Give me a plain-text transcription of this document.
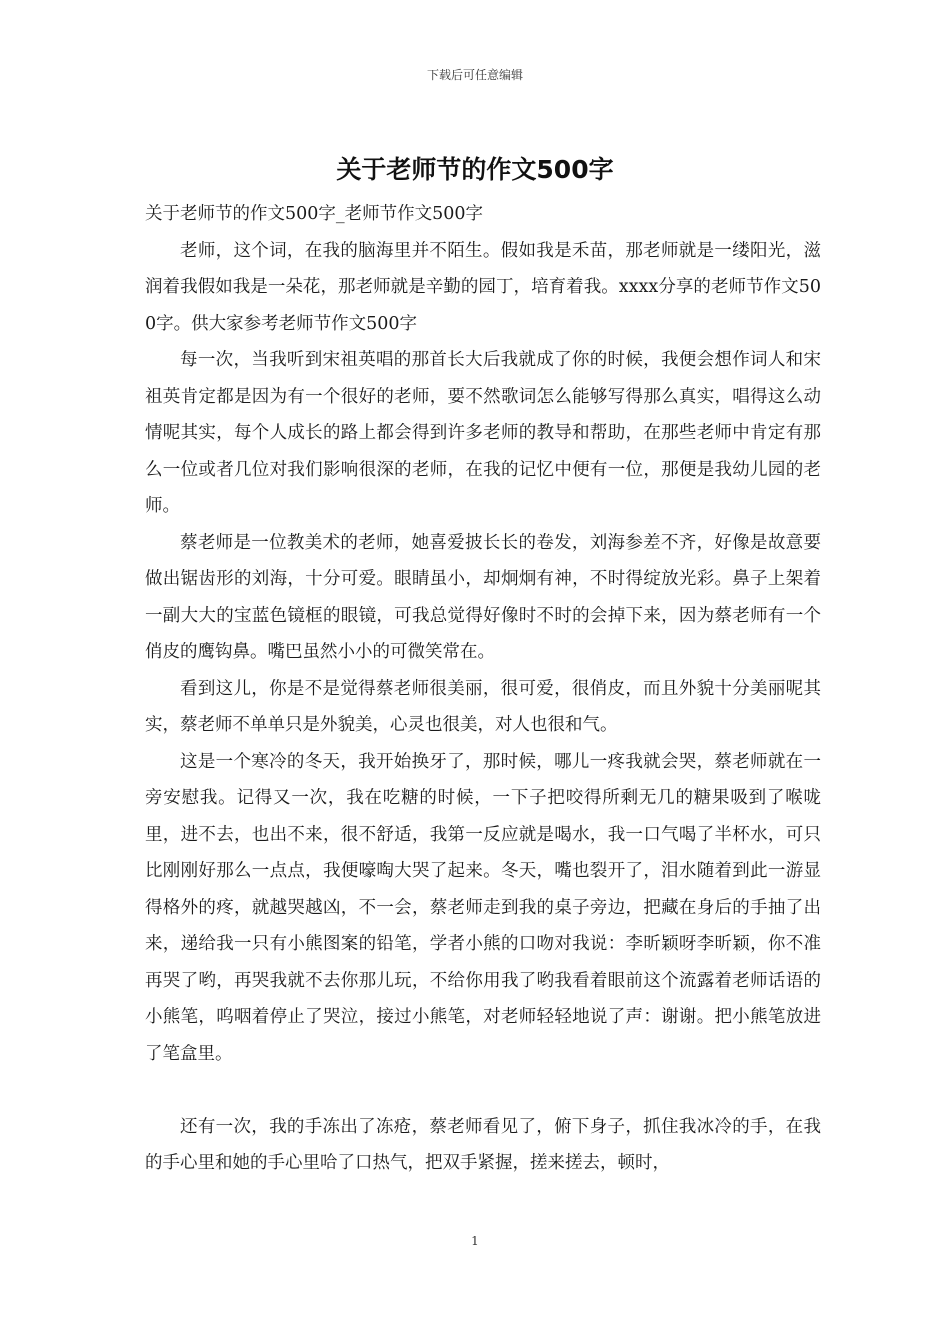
下载后可任意编辑
关于老师节的作文500字

关于老师节的作文500字_老师节作文500字

老师，这个词，在我的脑海里并不陌生。假如我是禾苗，那老师就是一缕阳光，滋润着我假如我是一朵花，那老师就是辛勤的园丁，培育着我。xxxx分享的老师节作文500字。供大家参考老师节作文500字

每一次，当我听到宋祖英唱的那首长大后我就成了你的时候，我便会想作词人和宋祖英肯定都是因为有一个很好的老师，要不然歌词怎么能够写得那么真实，唱得这么动情呢其实，每个人成长的路上都会得到许多老师的教导和帮助，在那些老师中肯定有那么一位或者几位对我们影响很深的老师，在我的记忆中便有一位，那便是我幼儿园的老师。

蔡老师是一位教美术的老师，她喜爱披长长的卷发，刘海参差不齐，好像是故意要做出锯齿形的刘海，十分可爱。眼睛虽小，却炯炯有神，不时得绽放光彩。鼻子上架着一副大大的宝蓝色镜框的眼镜，可我总觉得好像时不时的会掉下来，因为蔡老师有一个俏皮的鹰钩鼻。嘴巴虽然小小的可微笑常在。

看到这儿，你是不是觉得蔡老师很美丽，很可爱，很俏皮，而且外貌十分美丽呢其实，蔡老师不单单只是外貌美，心灵也很美，对人也很和气。

这是一个寒冷的冬天，我开始换牙了，那时候，哪儿一疼我就会哭，蔡老师就在一旁安慰我。记得又一次，我在吃糖的时候，一下子把咬得所剩无几的糖果吸到了喉咙里，进不去，也出不来，很不舒适，我第一反应就是喝水，我一口气喝了半杯水，可只比刚刚好那么一点点，我便嚎啕大哭了起来。冬天，嘴也裂开了，泪水随着到此一游显得格外的疼，就越哭越凶，不一会，蔡老师走到我的桌子旁边，把藏在身后的手抽了出来，递给我一只有小熊图案的铅笔，学者小熊的口吻对我说：李昕颖呀李昕颖，你不准再哭了哟，再哭我就不去你那儿玩，不给你用我了哟我看着眼前这个流露着老师话语的小熊笔，呜咽着停止了哭泣，接过小熊笔，对老师轻轻地说了声：谢谢。把小熊笔放进了笔盒里。

还有一次，我的手冻出了冻疮，蔡老师看见了，俯下身子，抓住我冰冷的手，在我的手心里和她的手心里哈了口热气，把双手紧握，搓来搓去，顿时，

1
